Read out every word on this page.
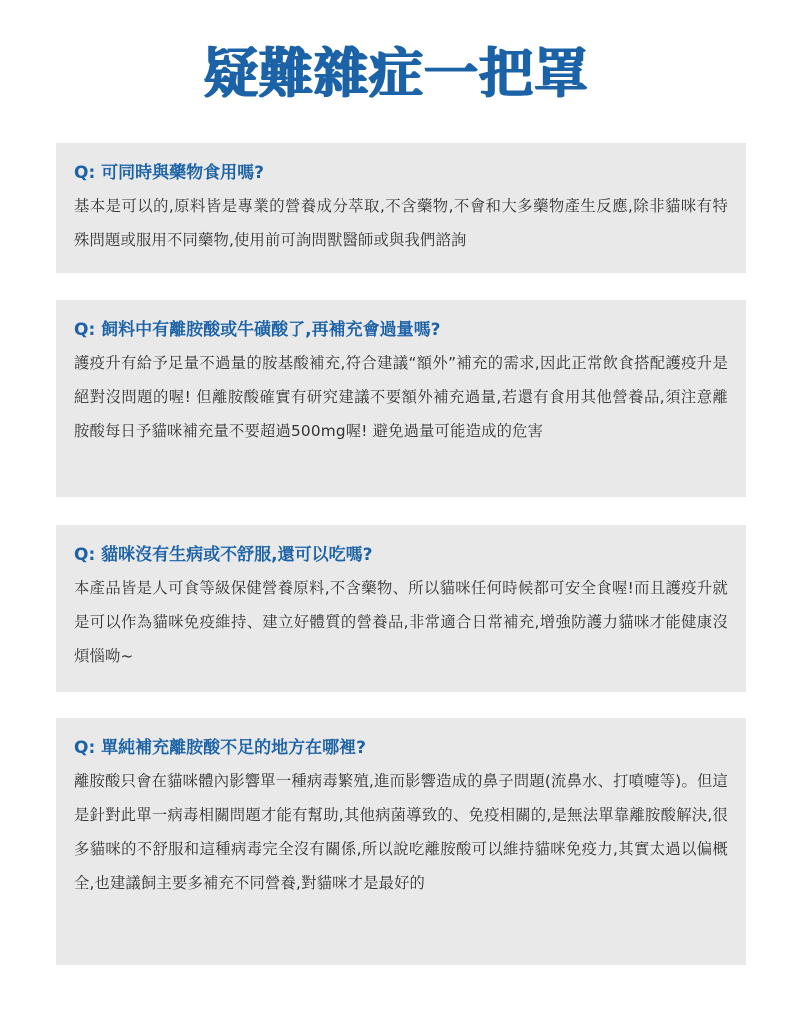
疑難雜症一把罩

Q: 可同時與藥物食用嗎?

基本是可以的,原料皆是專業的營養成分萃取,不含藥物,不會和大多藥物產生反應,除非貓咪有特殊問題或服用不同藥物,使用前可詢問獸醫師或與我們諮詢

Q: 飼料中有離胺酸或牛磺酸了,再補充會過量嗎?

護疫升有給予足量不過量的胺基酸補充,符合建議“額外”補充的需求,因此正常飲食搭配護疫升是絕對沒問題的喔! 但離胺酸確實有研究建議不要額外補充過量,若還有食用其他營養品,須注意離胺酸每日予貓咪補充量不要超過500mg喔! 避免過量可能造成的危害

Q: 貓咪沒有生病或不舒服,還可以吃嗎?

本產品皆是人可食等級保健營養原料,不含藥物、所以貓咪任何時候都可安全食喔!而且護疫升就是可以作為貓咪免疫維持、建立好體質的營養品,非常適合日常補充,增強防護力貓咪才能健康沒煩惱呦~

Q: 單純補充離胺酸不足的地方在哪裡?

離胺酸只會在貓咪體內影響單一種病毒繁殖,進而影響造成的鼻子問題(流鼻水、打噴嚏等)。但這是針對此單一病毒相關問題才能有幫助,其他病菌導致的、免疫相關的,是無法單靠離胺酸解決,很多貓咪的不舒服和這種病毒完全沒有關係,所以說吃離胺酸可以維持貓咪免疫力,其實太過以偏概全,也建議飼主要多補充不同營養,對貓咪才是最好的
